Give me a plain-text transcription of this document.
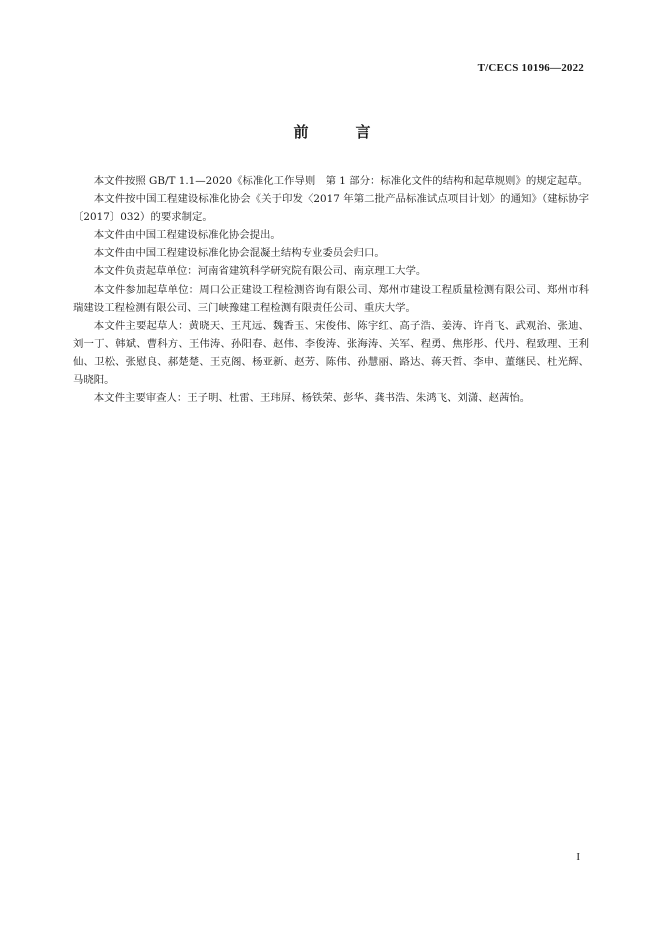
T/CECS 10196—2022
前　言

本文件按照 GB/T 1.1—2020《标准化工作导则　第 1 部分：标准化文件的结构和起草规则》的规定起草。

本文件按中国工程建设标准化协会《关于印发〈2017 年第二批产品标准试点项目计划〉的通知》（建标协字〔2017〕032）的要求制定。

本文件由中国工程建设标准化协会提出。

本文件由中国工程建设标准化协会混凝土结构专业委员会归口。

本文件负责起草单位：河南省建筑科学研究院有限公司、南京理工大学。

本文件参加起草单位：周口公正建设工程检测咨询有限公司、郑州市建设工程质量检测有限公司、郑州市科瑞建设工程检测有限公司、三门峡豫建工程检测有限责任公司、重庆大学。

本文件主要起草人：黄晓天、王芃远、魏香玉、宋俊伟、陈宇红、高子浩、姜涛、许肖飞、武观治、张迪、刘一丁、韩斌、曹科方、王伟涛、孙阳春、赵伟、李俊涛、张海涛、关军、程勇、焦彤彤、代丹、程致理、王利仙、卫松、张慰良、郝楚楚、王克阁、杨亚新、赵芳、陈伟、孙慧丽、路达、蒋天哲、李申、董继民、杜光辉、马晓阳。

本文件主要审查人：王子明、杜雷、王玮屏、杨铁荣、彭华、龚书浩、朱鸿飞、刘潇、赵茜怡。

I
